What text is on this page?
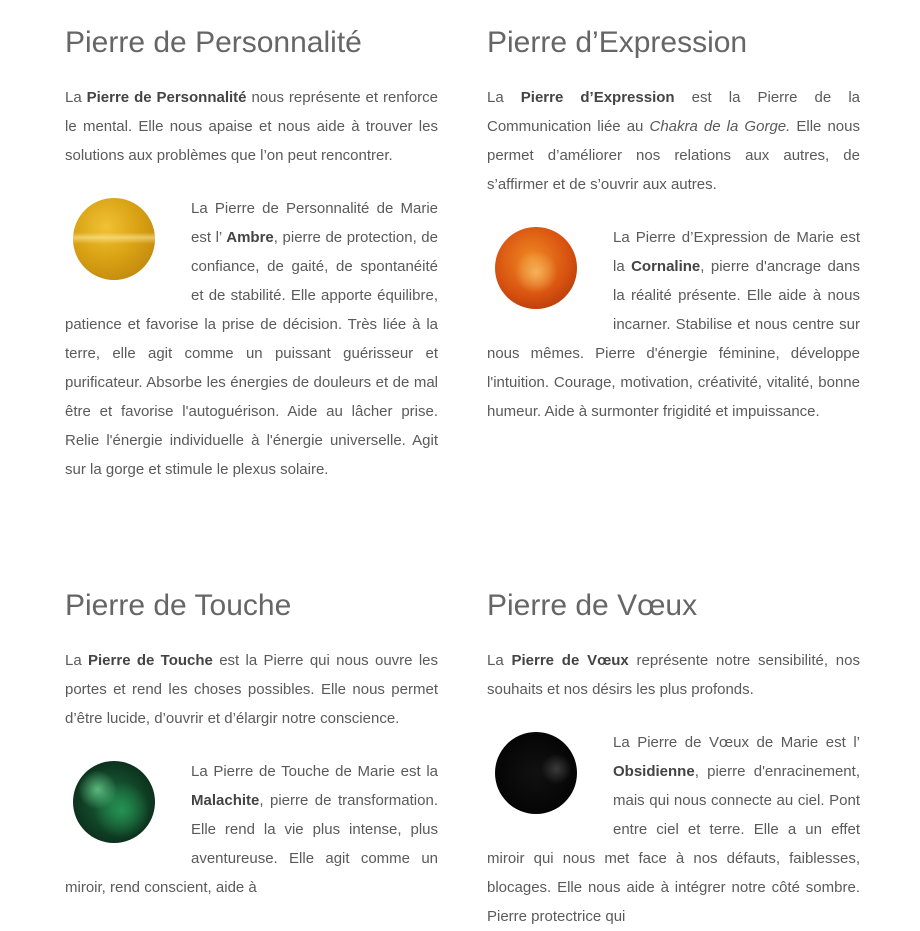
Pierre de Personnalité

La Pierre de Personnalité nous représente et renforce le mental. Elle nous apaise et nous aide à trouver les solutions aux problèmes que l’on peut rencontrer.

La Pierre de Personnalité de Marie est l’ Ambre, pierre de protection, de confiance, de gaité, de spontanéité et de stabilité. Elle apporte équilibre, patience et favorise la prise de décision. Très liée à la terre, elle agit comme un puissant guérisseur et purificateur. Absorbe les énergies de douleurs et de mal être et favorise l'autoguérison. Aide au lâcher prise. Relie l'énergie individuelle à l'énergie universelle. Agit sur la gorge et stimule le plexus solaire.

Pierre d’Expression

La Pierre d’Expression est la Pierre de la Communication liée au Chakra de la Gorge. Elle nous permet d’améliorer nos relations aux autres, de s’affirmer et de s’ouvrir aux autres.

La Pierre d’Expression de Marie est la Cornaline, pierre d'ancrage dans la réalité présente. Elle aide à nous incarner. Stabilise et nous centre sur nous mêmes. Pierre d'énergie féminine, développe l'intuition. Courage, motivation, créativité, vitalité, bonne humeur. Aide à surmonter frigidité et impuissance.

Pierre de Touche

La Pierre de Touche est la Pierre qui nous ouvre les portes et rend les choses possibles. Elle nous permet d’être lucide, d’ouvrir et d’élargir notre conscience.

La Pierre de Touche de Marie est la Malachite, pierre de transformation. Elle rend la vie plus intense, plus aventureuse. Elle agit comme un miroir, rend conscient, aide à

Pierre de Vœux

La Pierre de Vœux représente notre sensibilité, nos souhaits et nos désirs les plus profonds.

La Pierre de Vœux de Marie est l’ Obsidienne, pierre d'enracinement, mais qui nous connecte au ciel. Pont entre ciel et terre. Elle a un effet miroir qui nous met face à nos défauts, faiblesses, blocages. Elle nous aide à intégrer notre côté sombre. Pierre protectrice qui
